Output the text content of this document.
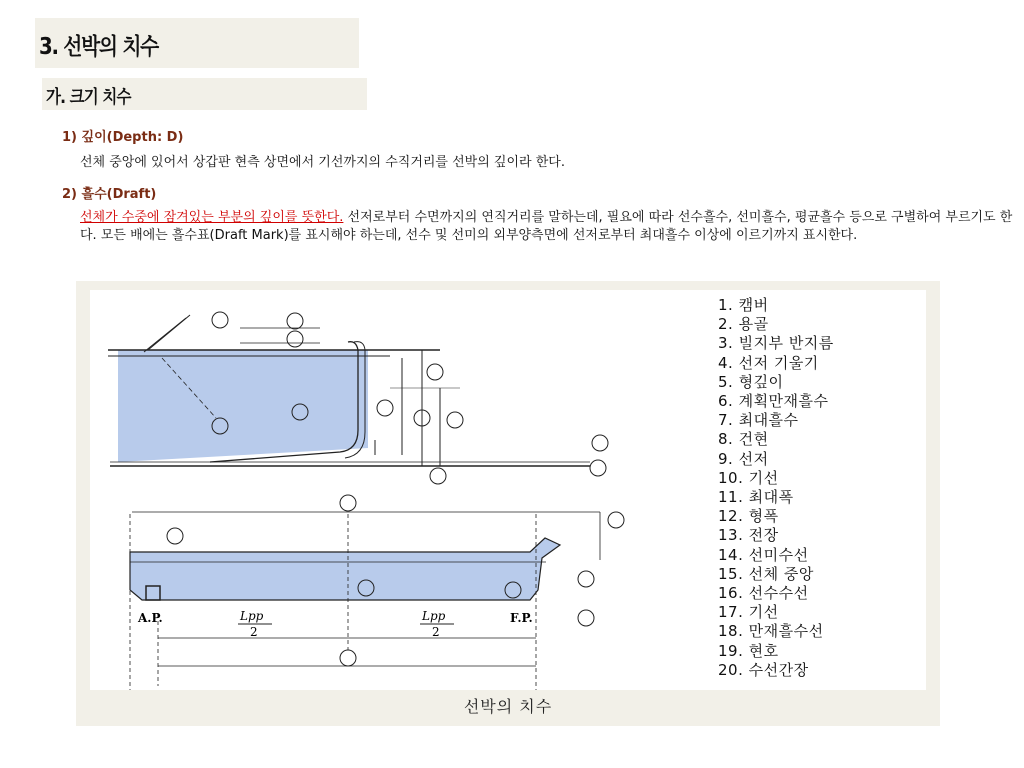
3. 선박의 치수
가. 크기 치수
1) 깊이(Depth: D)
선체 중앙에 있어서 상갑판 현측 상면에서 기선까지의 수직거리를 선박의 깊이라 한다.
2) 흘수(Draft)
선체가 수중에 잠겨있는 부분의 깊이를 뜻한다. 선저로부터 수면까지의 연직거리를 말하는데, 필요에 따라 선수흘수, 선미흘수, 평균흘수 등으로 구별하여 부르기도 한다. 모든 배에는 흘수표(Draft Mark)를 표시해야 하는데, 선수 및 선미의 외부양측면에 선저로부터 최대흘수 이상에 이르기까지 표시한다.
A.P.	F.P.
Lpp
2
Lpp
2
1. 캠버
2. 용골
3. 빌지부 반지름
4. 선저 기울기
5. 형깊이
6. 계획만재흘수
7. 최대흘수
8. 건현
9. 선저
10. 기선
11. 최대폭
12. 형폭
13. 전장
14. 선미수선
15. 선체 중앙
16. 선수수선
17. 기선
18. 만재흘수선
19. 현호
20. 수선간장
선박의 치수
